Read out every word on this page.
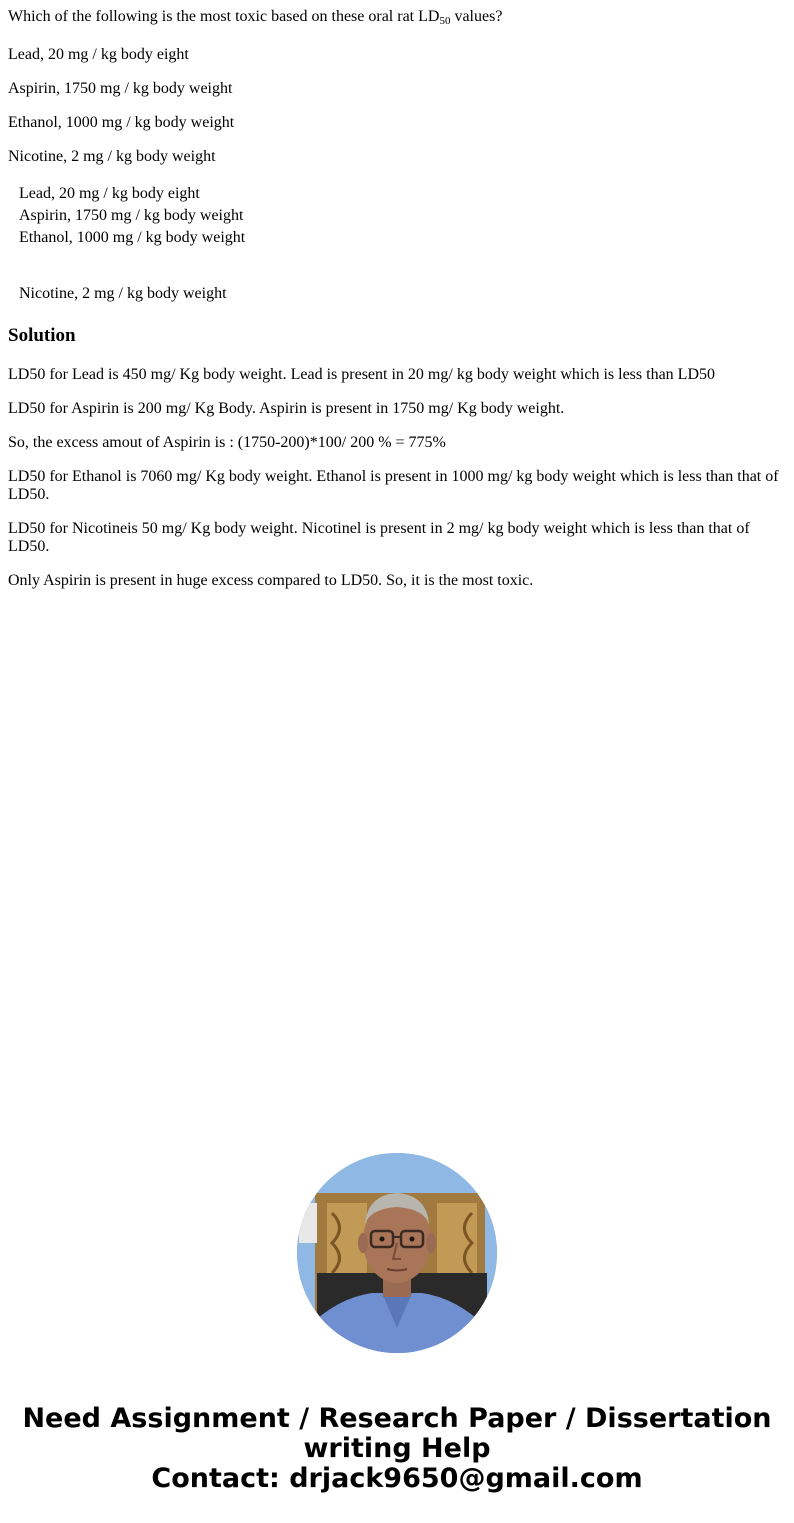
Which of the following is the most toxic based on these oral rat $LD_{50}$ values?
Lead, 20 mg / kg body eight
Aspirin, 1750 mg / kg body weight
Ethanol, 1000 mg / kg body weight
Nicotine, 2 mg / kg body weight
Lead, 20 mg / kg body eight
Aspirin, 1750 mg / kg body weight
Ethanol, 1000 mg / kg body weight
Nicotine, 2 mg / kg body weight
Solution
LD50 for Lead is 450 mg/ Kg body weight. Lead is present in 20 mg/ kg body weight which is less than LD50
LD50 for Aspirin is 200 mg/ Kg Body. Aspirin is present in 1750 mg/ Kg body weight.
So, the excess amout of Aspirin is : (1750-200)*100/ 200 % = 775%
LD50 for Ethanol is 7060 mg/ Kg body weight. Ethanol is present in 1000 mg/ kg body weight which is less than that of LD50.
LD50 for Nicotineis 50 mg/ Kg body weight. Nicotinel is present in 2 mg/ kg body weight which is less than that of LD50.
Only Aspirin is present in huge excess compared to LD50. So, it is the most toxic.
Need Assignment / Research Paper / Dissertation
writing Help
Contact: drjack9650@gmail.com
